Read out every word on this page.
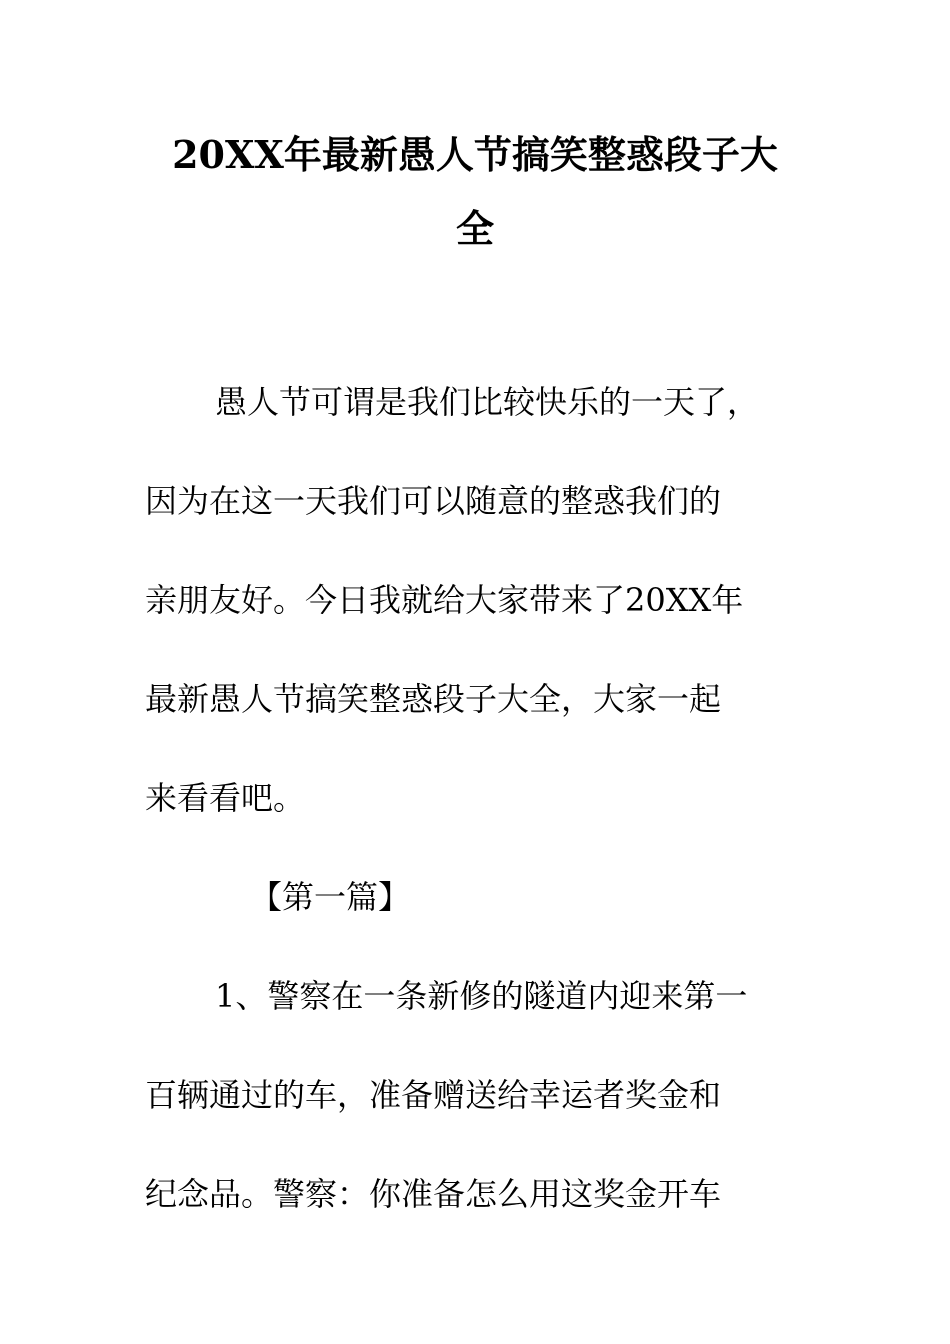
20XX年最新愚人节搞笑整惑段子大
全
愚人节可谓是我们比较快乐的一天了，
因为在这一天我们可以随意的整惑我们的
亲朋友好。今日我就给大家带来了20XX年
最新愚人节搞笑整惑段子大全，大家一起
来看看吧。
【第一篇】
1、警察在一条新修的隧道内迎来第一
百辆通过的车，准备赠送给幸运者奖金和
纪念品。警察：你准备怎么用这奖金开车
